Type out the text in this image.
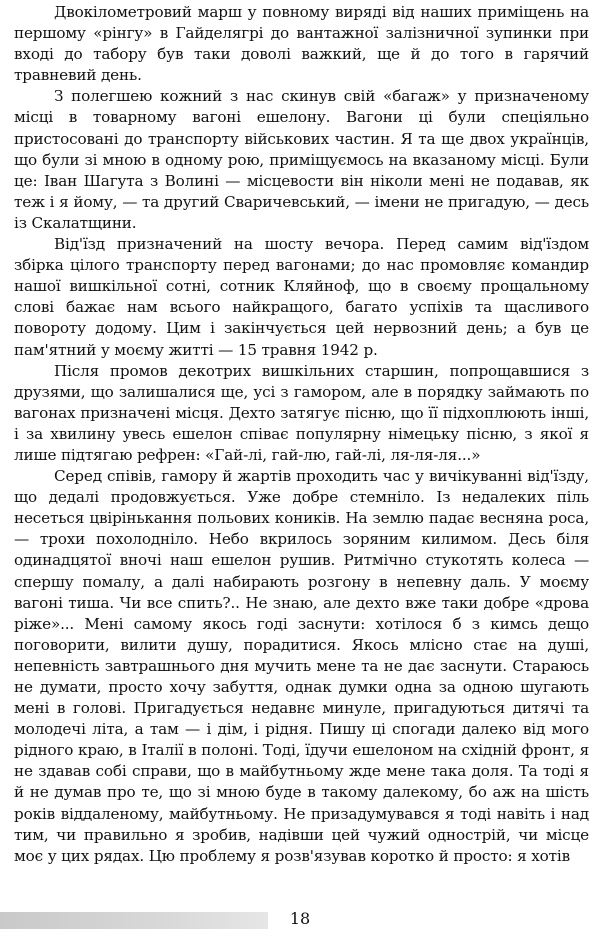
Двокілометровий марш у повному виряді від наших приміщень на першому «рінгу» в Гайделягрі до вантажної залізничної зупинки при вході до табору був таки доволі важкий, ще й до того в гарячий травневий день.

З полегшею кожний з нас скинув свій «багаж» у призначеному місці в товарному вагоні ешелону. Вагони ці були спеціяльно пристосовані до транспорту військових частин. Я та ще двох українців, що були зі мною в одному рою, приміщуємось на вказаному місці. Були це: Іван Шагута з Волині — місцевости він ніколи мені не подавав, як теж і я йому, — та другий Сваричевський, — імени не пригадую, — десь із Скалатщини.

Від'їзд призначений на шосту вечора. Перед самим від'їздом збірка цілого транспорту перед вагонами; до нас промовляє командир нашої вишкільної сотні, сотник Кляйноф, що в своєму прощальному слові бажає нам всього найкращого, багато успіхів та щасливого повороту додому. Цим і закінчується цей нервозний день; а був це пам'ятний у моєму житті — 15 травня 1942 р.

Після промов декотрих вишкільних старшин, попрощавшися з друзями, що залишалися ще, усі з гамором, але в порядку займають по вагонах призначені місця. Дехто затягує пісню, що її підхоплюють інші, і за хвилину увесь ешелон співає популярну німецьку пісню, з якої я лише підтягаю рефрен: «Гай-лі, гай-лю, гай-лі, ля-ля-ля...»

Серед співів, гамору й жартів проходить час у вичікуванні від'їзду, що дедалі продовжується. Уже добре стемніло. Із недалеких піль несеться цвірінькання польових коників. На землю падає весняна роса, — трохи похолодніло. Небо вкрилось зоряним килимом. Десь біля одинадцятої вночі наш ешелон рушив. Ритмічно стукотять колеса — спершу помалу, а далі набирають розгону в непевну даль. У моєму вагоні тиша. Чи все спить?.. Не знаю, але дехто вже таки добре «дрова ріже»... Мені самому якось годі заснути: хотілося б з кимсь дещо поговорити, вилити душу, порадитися. Якось млісно стає на душі, непевність завтрашнього дня мучить мене та не дає заснути. Стараюсь не думати, просто хочу забуття, однак думки одна за одною шугають мені в голові. Пригадується недавнє минуле, пригадуються дитячі та молодечі літа, а там — і дім, і рідня. Пишу ці спогади далеко від мого рідного краю, в Італії в полоні. Тоді, їдучи ешелоном на східній фронт, я не здавав собі справи, що в майбутньому жде мене така доля. Та тоді я й не думав про те, що зі мною буде в такому далекому, бо аж на шість років віддаленому, майбутньому. Не призадумувався я тоді навіть і над тим, чи правильно я зробив, надівши цей чужий однострій, чи місце моє у цих рядах. Цю проблему я розв'язував коротко й просто: я хотів

18
